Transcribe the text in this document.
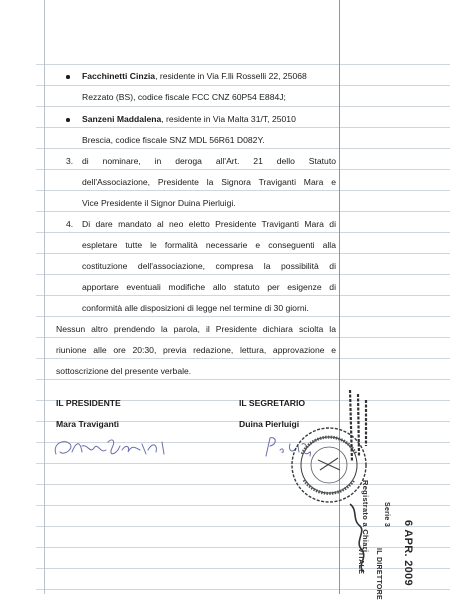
Facchinetti Cinzia, residente in Via F.lli Rosselli 22, 25068
Rezzato (BS), codice fiscale FCC CNZ 60P54 E884J;
Sanzeni Maddalena, residente in Via Malta 31/T, 25010
Brescia, codice fiscale SNZ MDL 56R61 D082Y.
3. di nominare, in deroga all'Art. 21 dello Statuto
dell'Associazione, Presidente la Signora Traviganti Mara e
Vice Presidente il Signor Duina Pierluigi.
4. Di dare mandato al neo eletto Presidente Traviganti Mara di
espletare tutte le formalità necessarie e conseguenti alla
costituzione dell'associazione, compresa la possibilità di
apportare eventuali modifiche allo statuto per esigenze di
conformità alle disposizioni di legge nel termine di 30 giorni.
Nessun altro prendendo la parola, il Presidente dichiara sciolta la
riunione alle ore 20:30, previa redazione, lettura, approvazione e
sottoscrizione del presente verbale.
IL PRESIDENTE	IL SEGRETARIO
Mara Travigantì	Duina Pierluigi
Registrato a Chiari Serie 3
IL DIRETTORE
VITALE	6 APR. 2009
